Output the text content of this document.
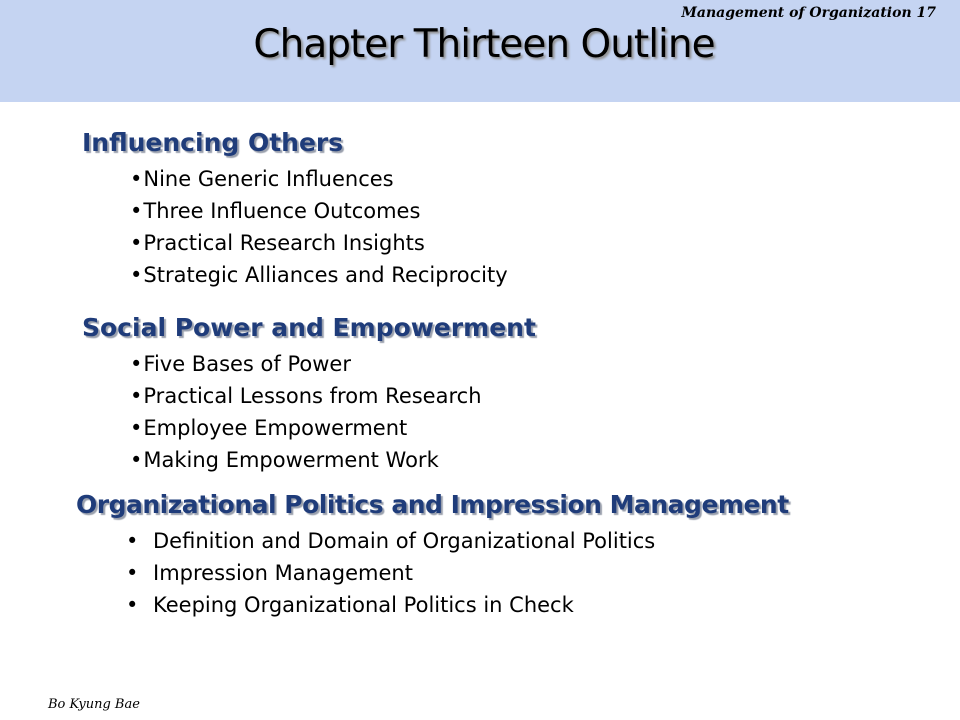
Management of Organization 17
Chapter Thirteen Outline
Influencing Others
• Nine Generic Influences
• Three Influence Outcomes
• Practical Research Insights
• Strategic Alliances and Reciprocity
Social Power and Empowerment
• Five Bases of Power
• Practical Lessons from Research
• Employee Empowerment
• Making Empowerment Work
Organizational Politics and Impression Management
• Definition and Domain of Organizational Politics
• Impression Management
• Keeping Organizational Politics in Check
Bo Kyung Bae
